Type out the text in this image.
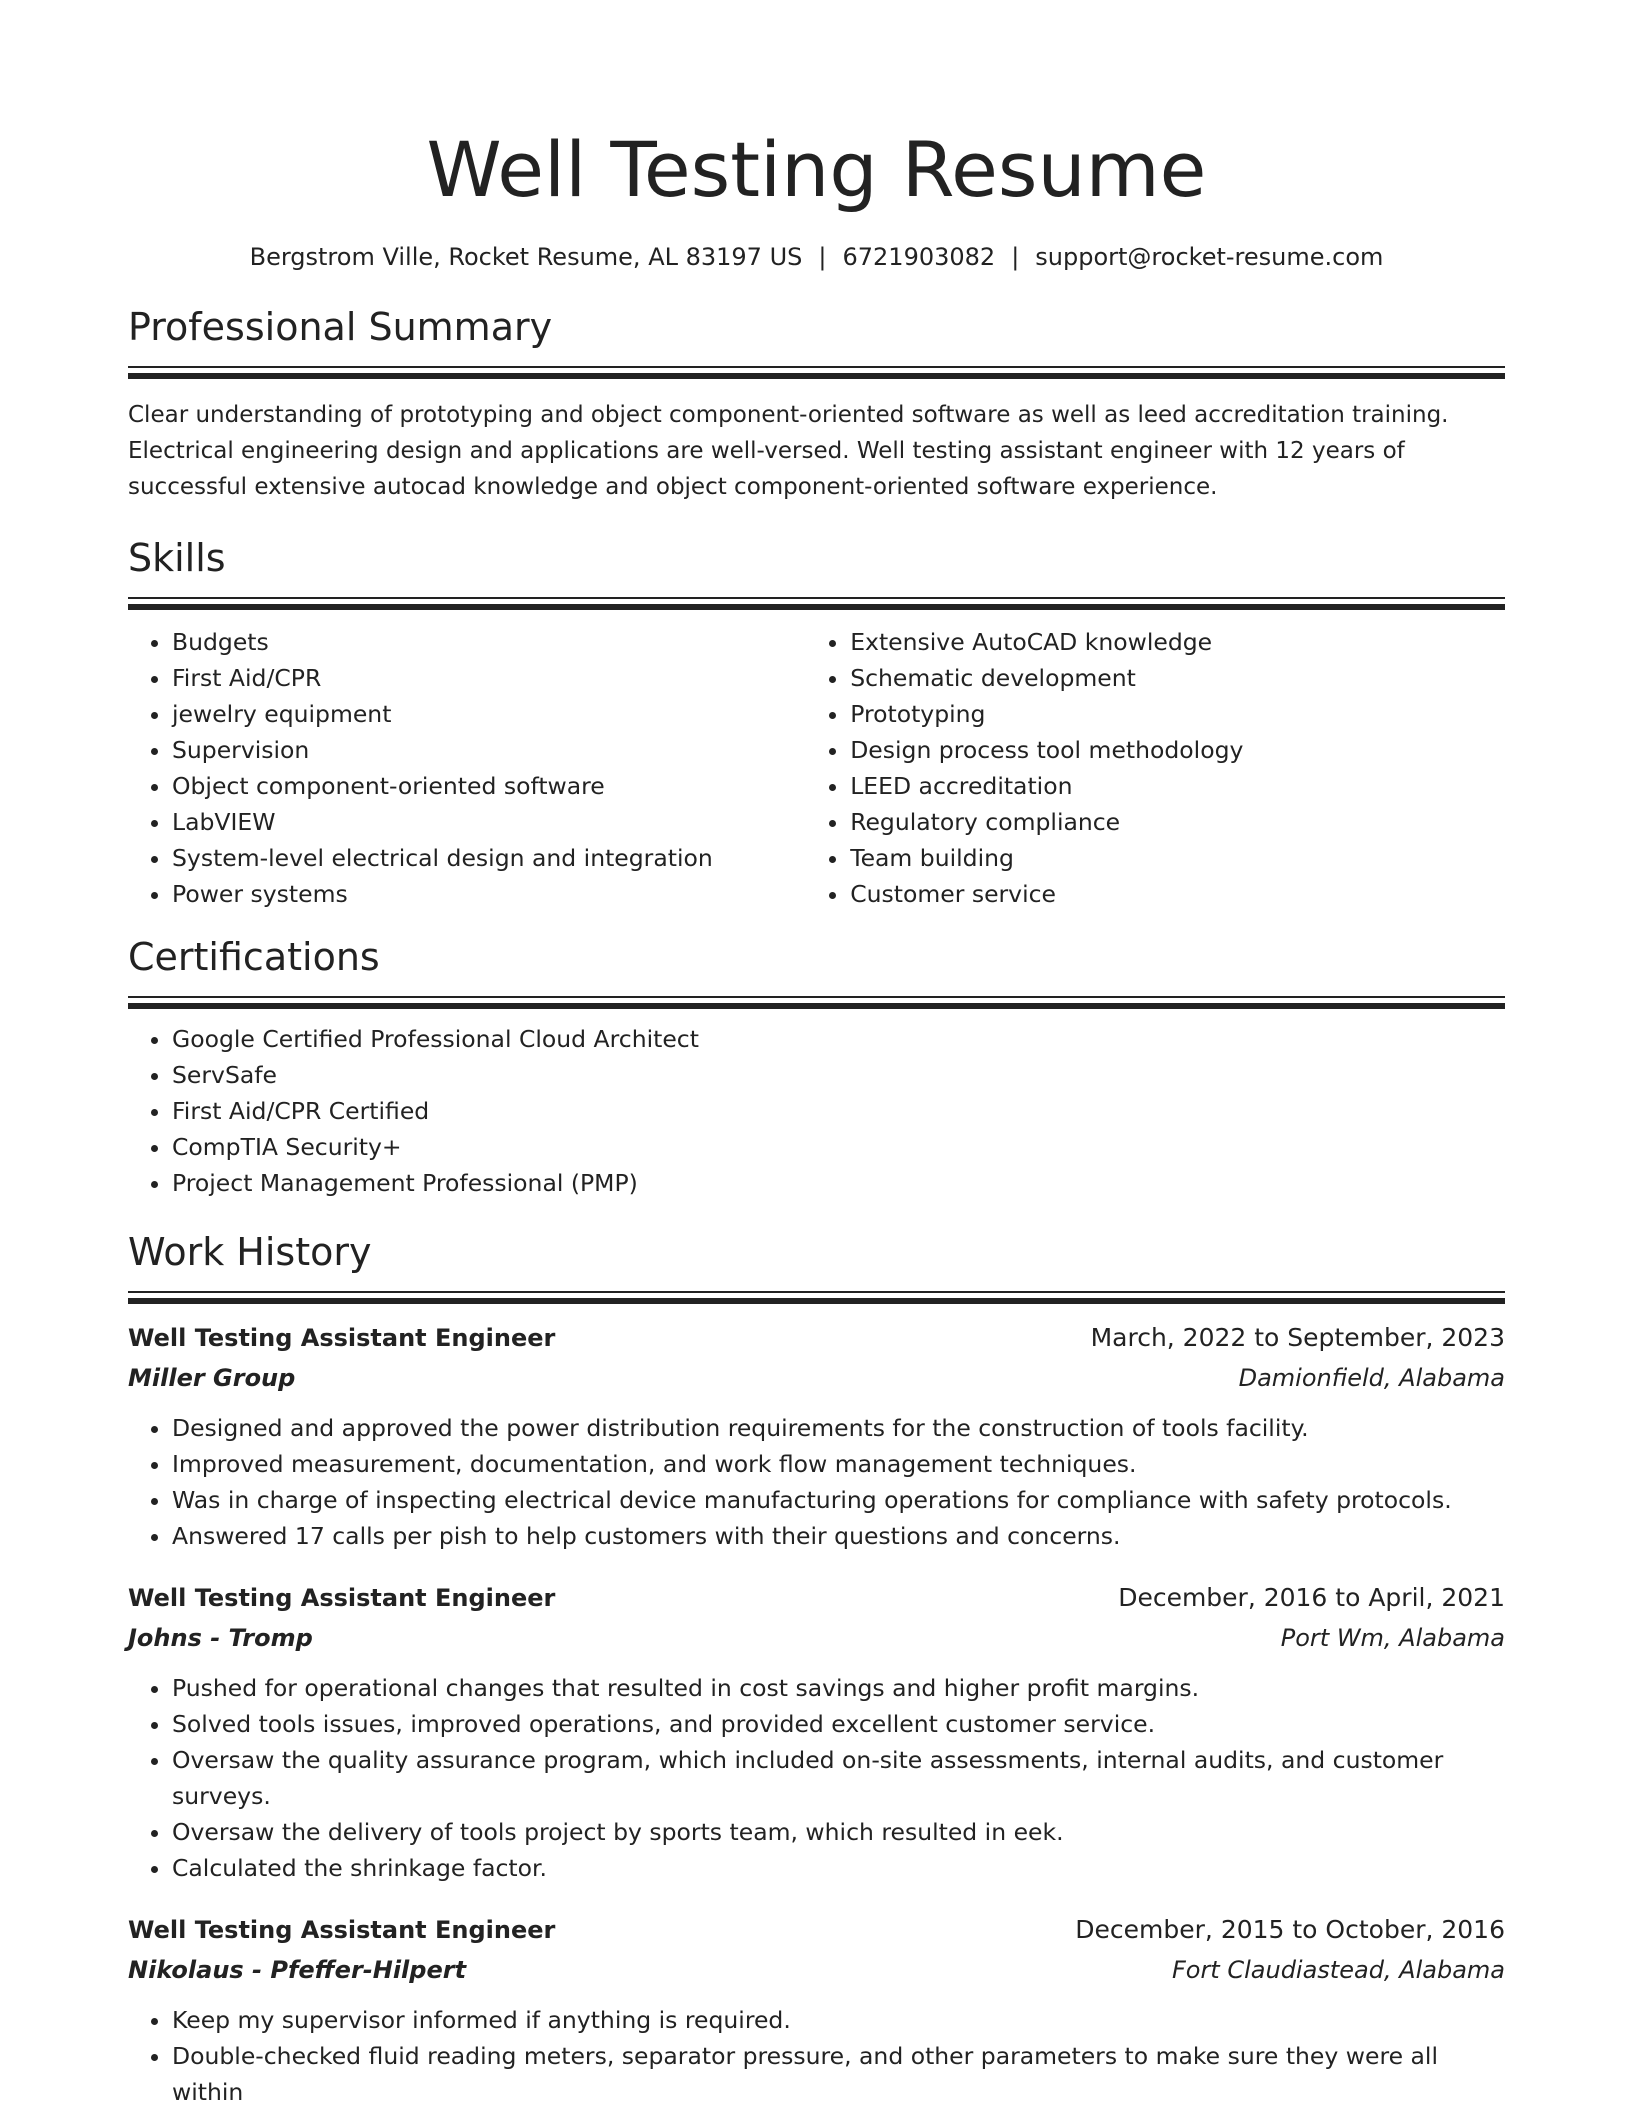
Well Testing Resume
Bergstrom Ville, Rocket Resume, AL 83197 US | 6721903082 | support@rocket-resume.com
Professional Summary

Clear understanding of prototyping and object component-oriented software as well as leed accreditation training. Electrical engineering design and applications are well-versed. Well testing assistant engineer with 12 years of successful extensive autocad knowledge and object component-oriented software experience.

Skills
• Budgets
• First Aid/CPR
• jewelry equipment
• Supervision
• Object component-oriented software
• LabVIEW
• System-level electrical design and integration
• Power systems
• Extensive AutoCAD knowledge
• Schematic development
• Prototyping
• Design process tool methodology
• LEED accreditation
• Regulatory compliance
• Team building
• Customer service
Certifications
• Google Certified Professional Cloud Architect
• ServSafe
• First Aid/CPR Certified
• CompTIA Security+
• Project Management Professional (PMP)
Work History
Well Testing Assistant Engineer	March, 2022 to September, 2023
Miller Group	Damionfield, Alabama
• Designed and approved the power distribution requirements for the construction of tools facility.
• Improved measurement, documentation, and work flow management techniques.
• Was in charge of inspecting electrical device manufacturing operations for compliance with safety protocols.
• Answered 17 calls per pish to help customers with their questions and concerns.
Well Testing Assistant Engineer	December, 2016 to April, 2021
Johns - Tromp	Port Wm, Alabama
• Pushed for operational changes that resulted in cost savings and higher profit margins.
• Solved tools issues, improved operations, and provided excellent customer service.
• Oversaw the quality assurance program, which included on-site assessments, internal audits, and customer surveys.
• Oversaw the delivery of tools project by sports team, which resulted in eek.
• Calculated the shrinkage factor.
Well Testing Assistant Engineer	December, 2015 to October, 2016
Nikolaus - Pfeffer-Hilpert	Fort Claudiastead, Alabama
• Keep my supervisor informed if anything is required.
• Double-checked fluid reading meters, separator pressure, and other parameters to make sure they were all within
